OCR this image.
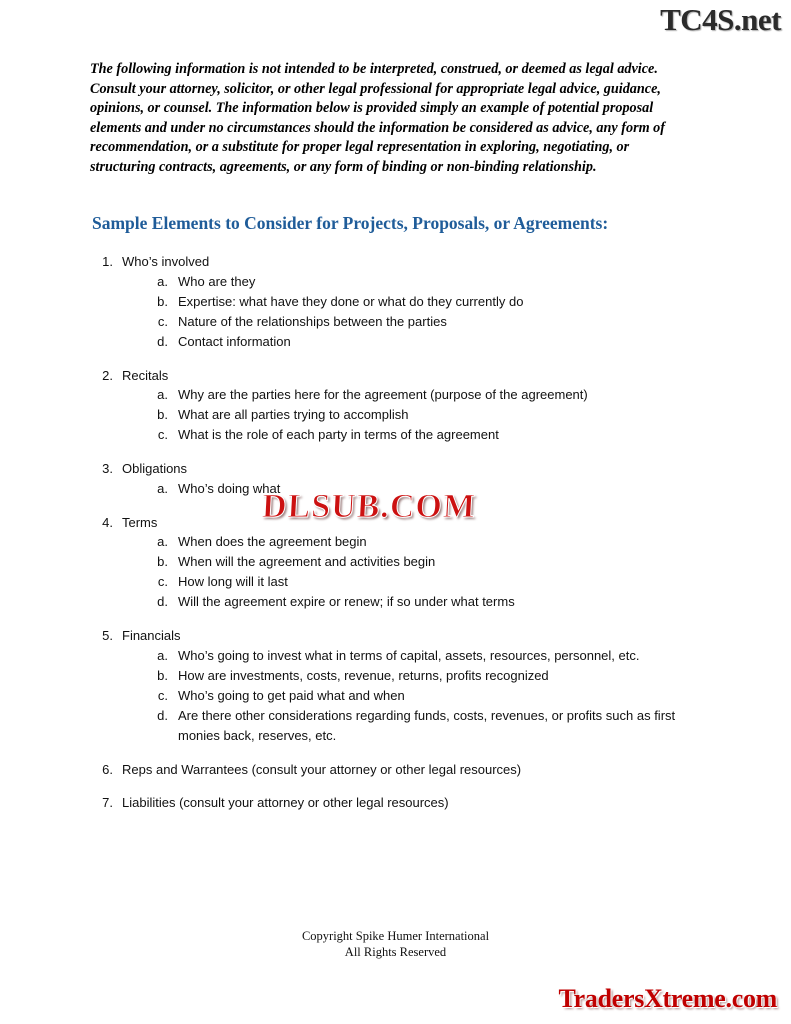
TC4S.net

The following information is not intended to be interpreted, construed, or deemed as legal advice. Consult your attorney, solicitor, or other legal professional for appropriate legal advice, guidance, opinions, or counsel. The information below is provided simply an example of potential proposal elements and under no circumstances should the information be considered as advice, any form of recommendation, or a substitute for proper legal representation in exploring, negotiating, or structuring contracts, agreements, or any form of binding or non-binding relationship.

Sample Elements to Consider for Projects, Proposals, or Agreements:
1. Who’s involved
a. Who are they
b. Expertise: what have they done or what do they currently do
c. Nature of the relationships between the parties
d. Contact information
2. Recitals
a. Why are the parties here for the agreement (purpose of the agreement)
b. What are all parties trying to accomplish
c. What is the role of each party in terms of the agreement
3. Obligations
a. Who’s doing what
4. Terms
a. When does the agreement begin
b. When will the agreement and activities begin
c. How long will it last
d. Will the agreement expire or renew; if so under what terms
5. Financials
a. Who’s going to invest what in terms of capital, assets, resources, personnel, etc.
b. How are investments, costs, revenue, returns, profits recognized
c. Who’s going to get paid what and when
d. Are there other considerations regarding funds, costs, revenues, or profits such as first monies back, reserves, etc.
6. Reps and Warrantees (consult your attorney or other legal resources)
7. Liabilities (consult your attorney or other legal resources)
DLSUB.COM
Copyright Spike Humer International
All Rights Reserved
TradersXtreme.com
